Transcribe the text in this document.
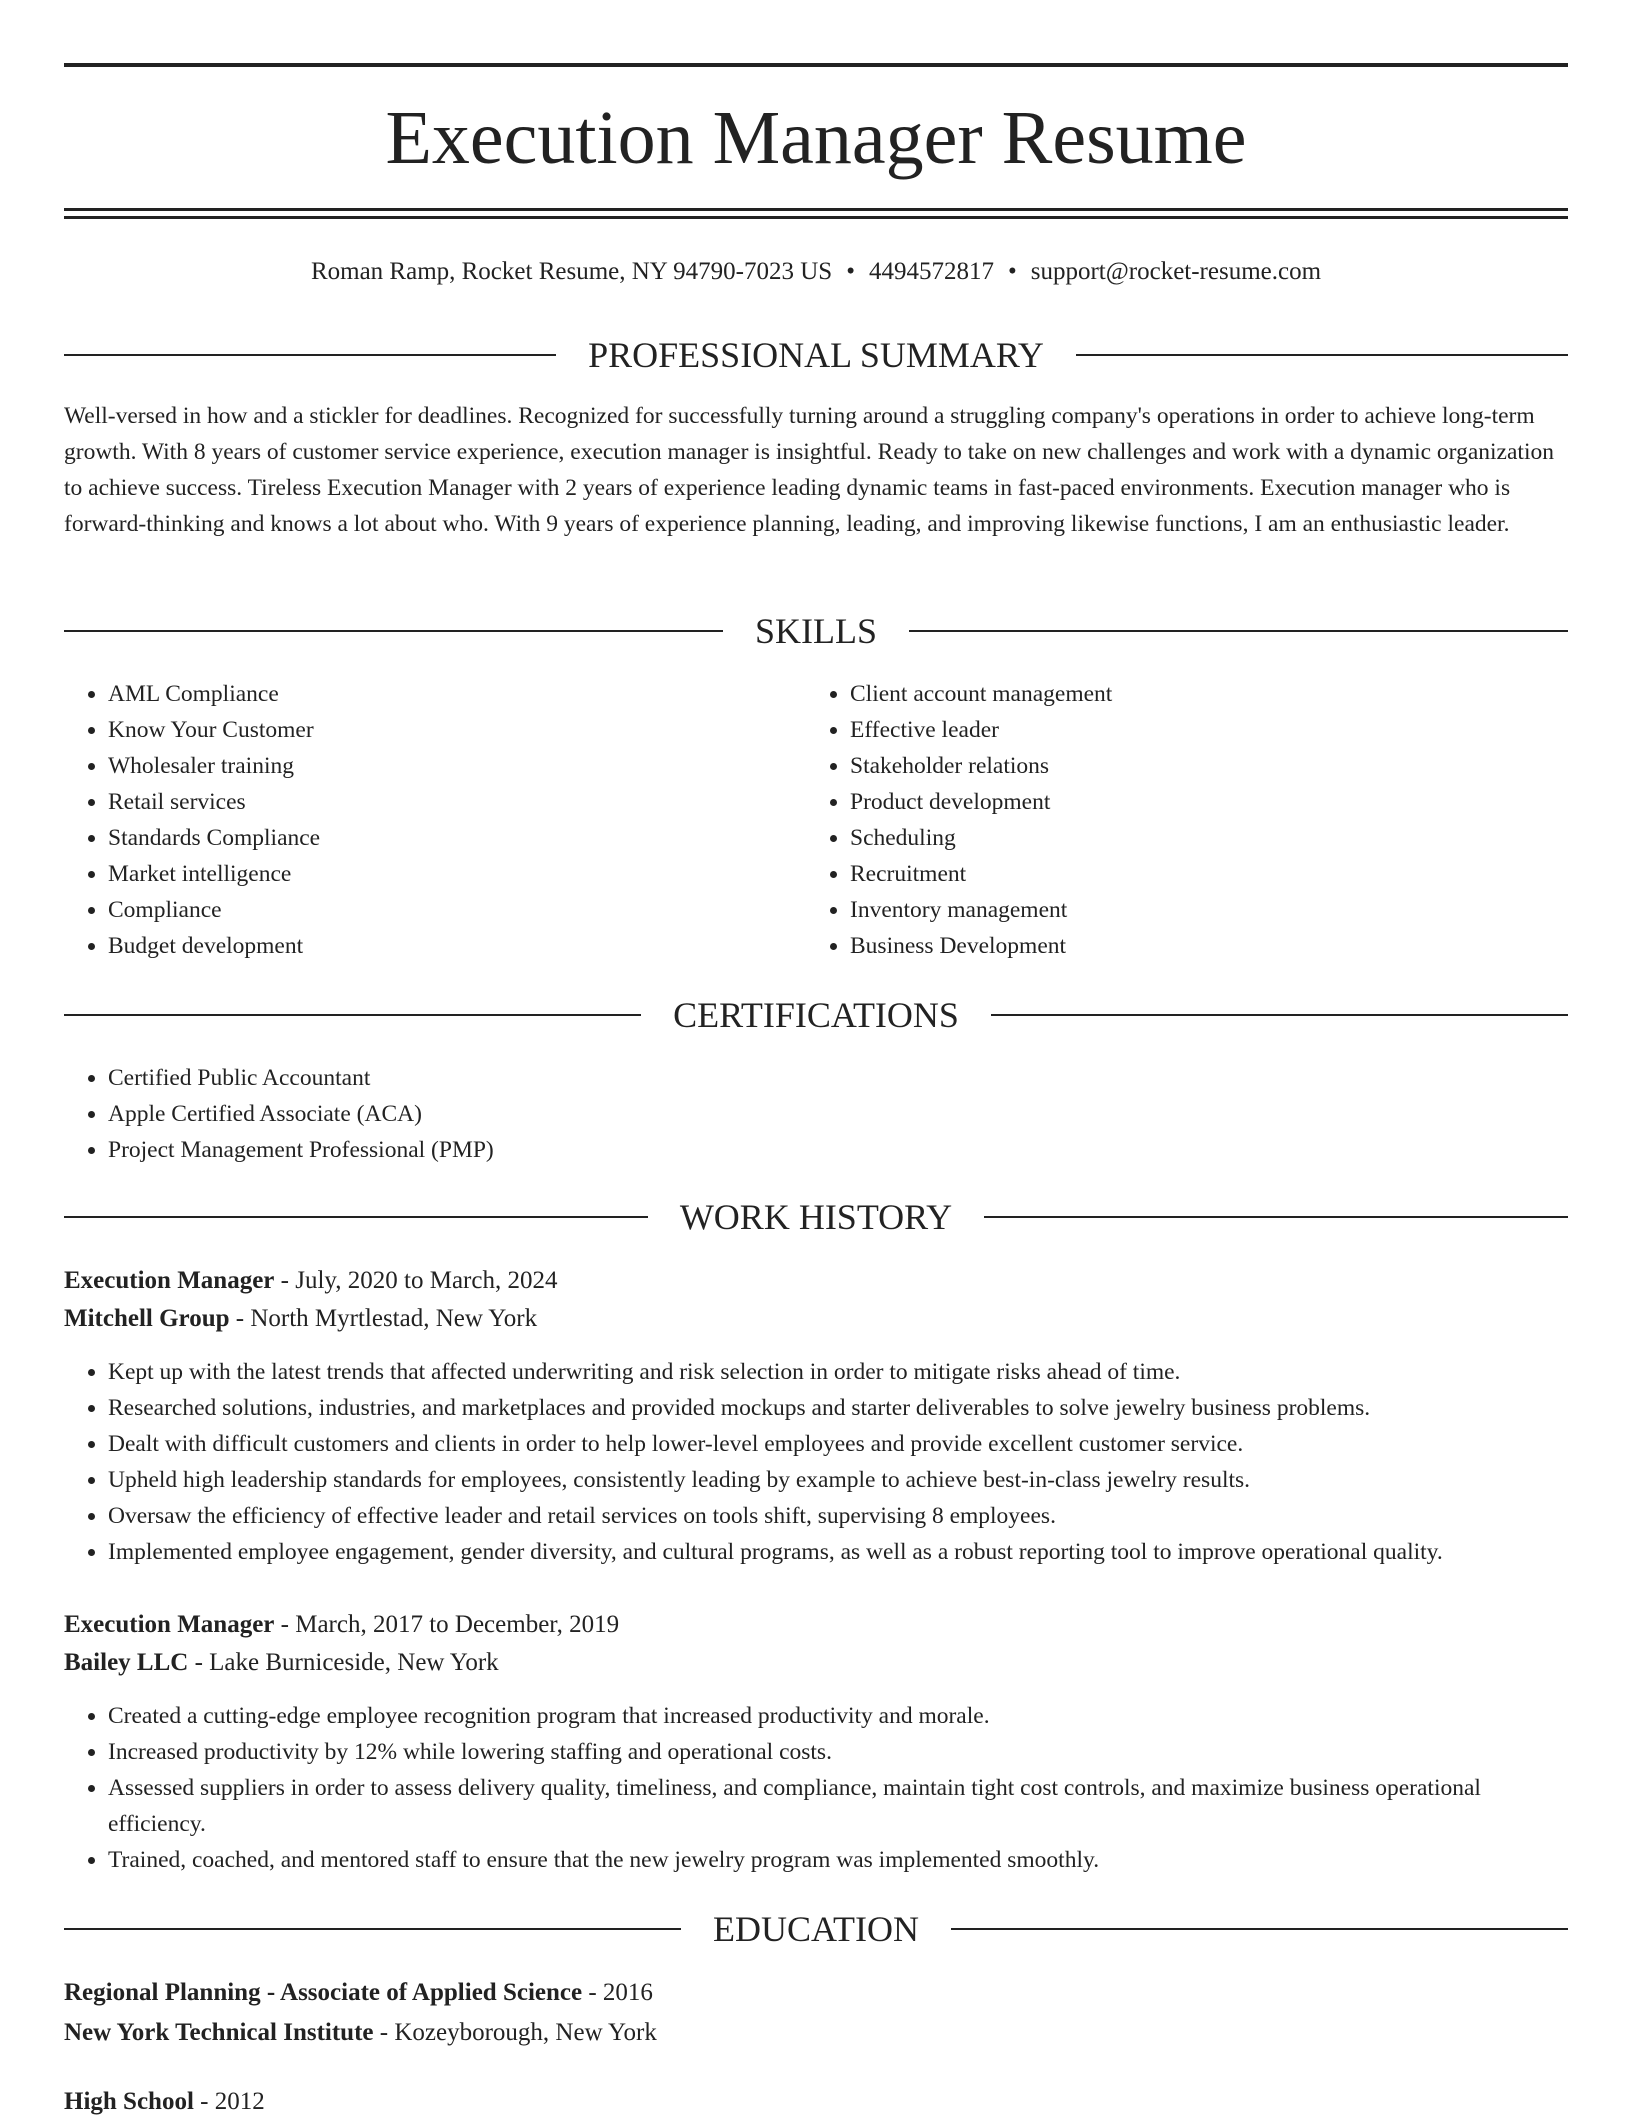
Execution Manager Resume
Roman Ramp, Rocket Resume, NY 94790-7023 US • 4494572817 • support@rocket-resume.com
PROFESSIONAL SUMMARY

Well-versed in how and a stickler for deadlines. Recognized for successfully turning around a struggling company's operations in order to achieve long-term growth. With 8 years of customer service experience, execution manager is insightful. Ready to take on new challenges and work with a dynamic organization to achieve success. Tireless Execution Manager with 2 years of experience leading dynamic teams in fast-paced environments. Execution manager who is forward-thinking and knows a lot about who. With 9 years of experience planning, leading, and improving likewise functions, I am an enthusiastic leader.

SKILLS
• AML Compliance
• Know Your Customer
• Wholesaler training
• Retail services
• Standards Compliance
• Market intelligence
• Compliance
• Budget development
• Client account management
• Effective leader
• Stakeholder relations
• Product development
• Scheduling
• Recruitment
• Inventory management
• Business Development
CERTIFICATIONS
• Certified Public Accountant
• Apple Certified Associate (ACA)
• Project Management Professional (PMP)
WORK HISTORY
Execution Manager - July, 2020 to March, 2024
Mitchell Group - North Myrtlestad, New York
• Kept up with the latest trends that affected underwriting and risk selection in order to mitigate risks ahead of time.
• Researched solutions, industries, and marketplaces and provided mockups and starter deliverables to solve jewelry business problems.
• Dealt with difficult customers and clients in order to help lower-level employees and provide excellent customer service.
• Upheld high leadership standards for employees, consistently leading by example to achieve best-in-class jewelry results.
• Oversaw the efficiency of effective leader and retail services on tools shift, supervising 8 employees.
• Implemented employee engagement, gender diversity, and cultural programs, as well as a robust reporting tool to improve operational quality.
Execution Manager - March, 2017 to December, 2019
Bailey LLC - Lake Burniceside, New York
• Created a cutting-edge employee recognition program that increased productivity and morale.
• Increased productivity by 12% while lowering staffing and operational costs.
• Assessed suppliers in order to assess delivery quality, timeliness, and compliance, maintain tight cost controls, and maximize business operational efficiency.
• Trained, coached, and mentored staff to ensure that the new jewelry program was implemented smoothly.
EDUCATION
Regional Planning - Associate of Applied Science - 2016
New York Technical Institute - Kozeyborough, New York
High School - 2012
